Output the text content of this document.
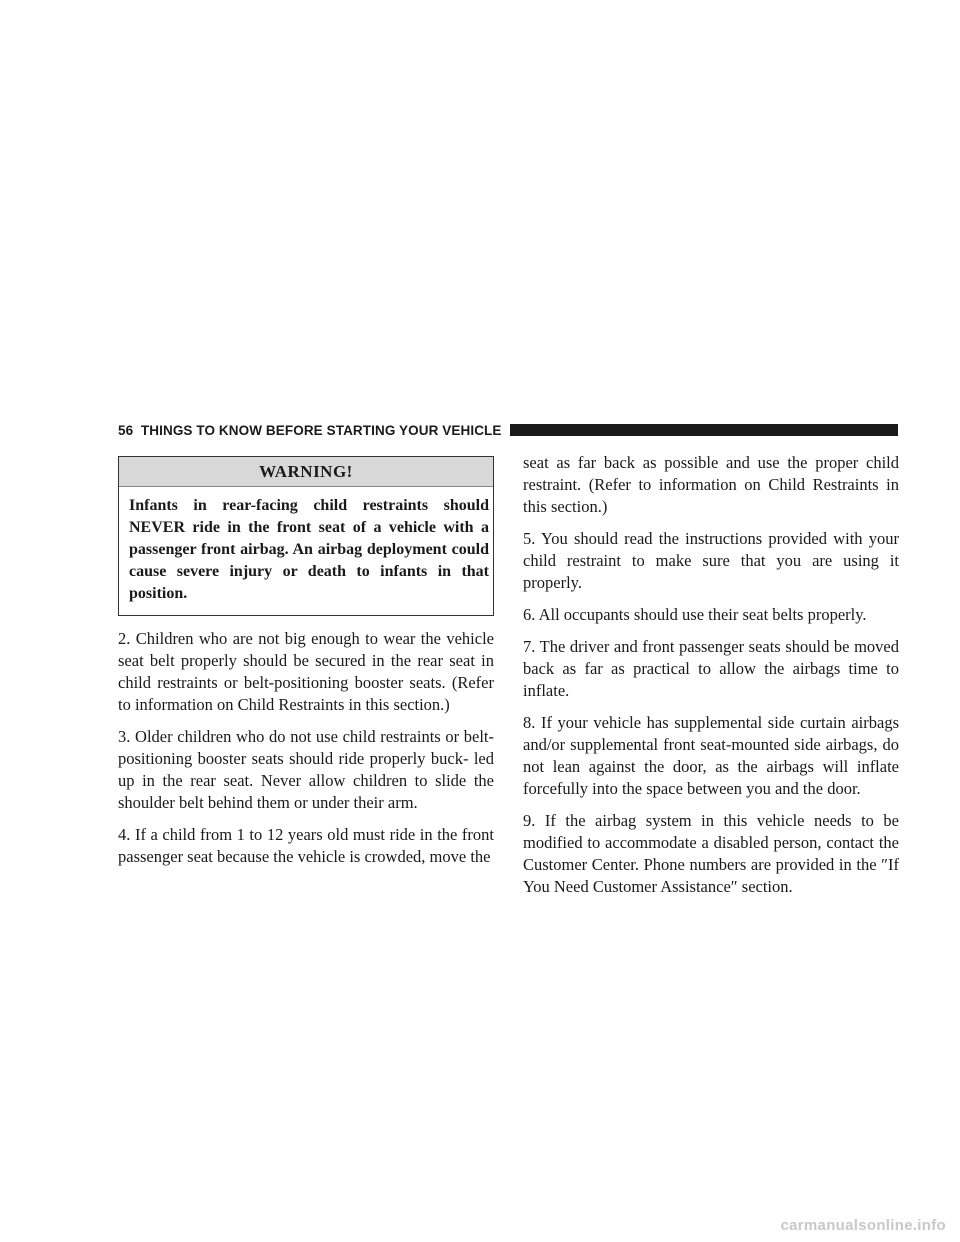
56 THINGS TO KNOW BEFORE STARTING YOUR VEHICLE
WARNING!
Infants in rear-facing child restraints should NEVER ride in the front seat of a vehicle with a passenger front airbag. An airbag deployment could cause severe injury or death to infants in that position.

2. Children who are not big enough to wear the vehicle seat belt properly should be secured in the rear seat in child restraints or belt-positioning booster seats. (Refer to information on Child Restraints in this section.)

3. Older children who do not use child restraints or belt-positioning booster seats should ride properly buck- led up in the rear seat. Never allow children to slide the shoulder belt behind them or under their arm.

4. If a child from 1 to 12 years old must ride in the front passenger seat because the vehicle is crowded, move the

seat as far back as possible and use the proper child restraint. (Refer to information on Child Restraints in this section.)

5. You should read the instructions provided with your child restraint to make sure that you are using it properly.

6. All occupants should use their seat belts properly.

7. The driver and front passenger seats should be moved back as far as practical to allow the airbags time to inflate.

8. If your vehicle has supplemental side curtain airbags and/or supplemental front seat-mounted side airbags, do not lean against the door, as the airbags will inflate forcefully into the space between you and the door.

9. If the airbag system in this vehicle needs to be modified to accommodate a disabled person, contact the Customer Center. Phone numbers are provided in the ″If You Need Customer Assistance″ section.

carmanualsonline.info
